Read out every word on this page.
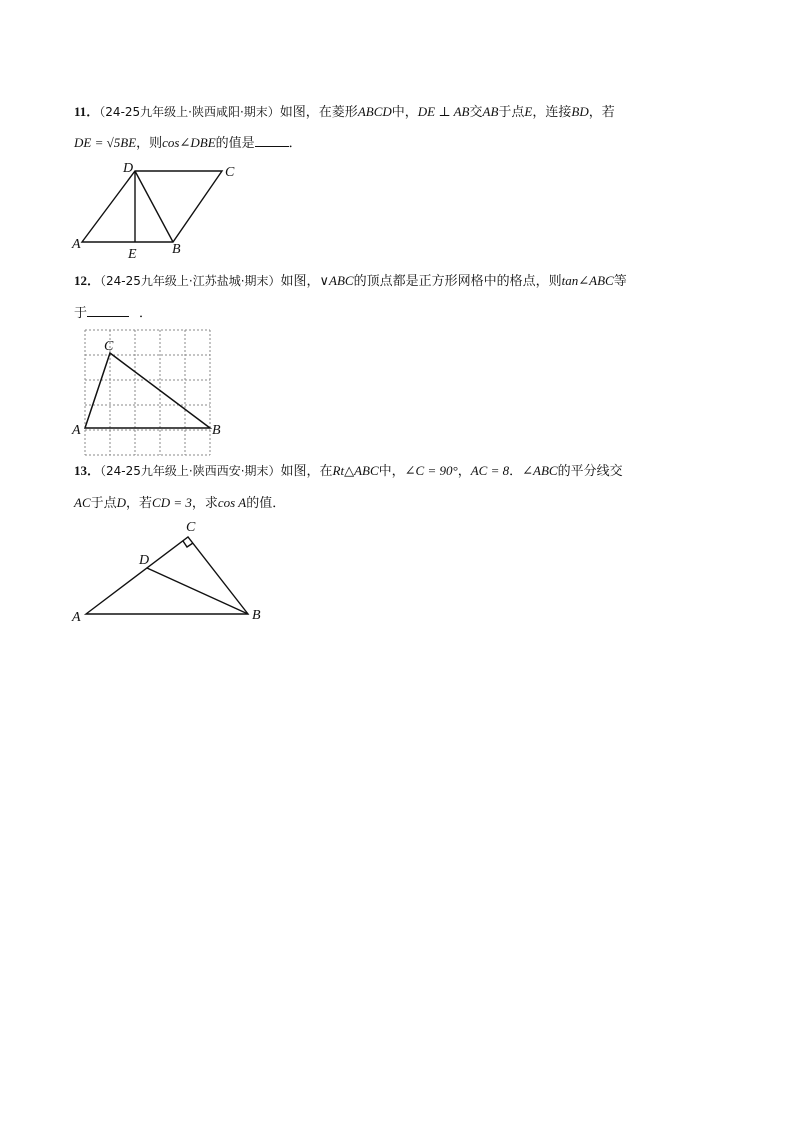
11．（24-25九年级上·陕西咸阳·期末）如图，在菱形ABCD中，DE ⊥ AB交AB于点E，连接BD，若
DE = √5BE，则cos∠DBE的值是	．
A	B
C
D
E
12．（24-25九年级上·江苏盐城·期末）如图，∨ABC的顶点都是正方形网格中的格点，则tan∠ABC等
于	．
A	B
C
13．（24-25九年级上·陕西西安·期末）如图，在Rt△ABC中，∠C = 90°，AC = 8．∠ABC的平分线交
AC于点D，若CD = 3，求cos A的值．
A	B
C
D
